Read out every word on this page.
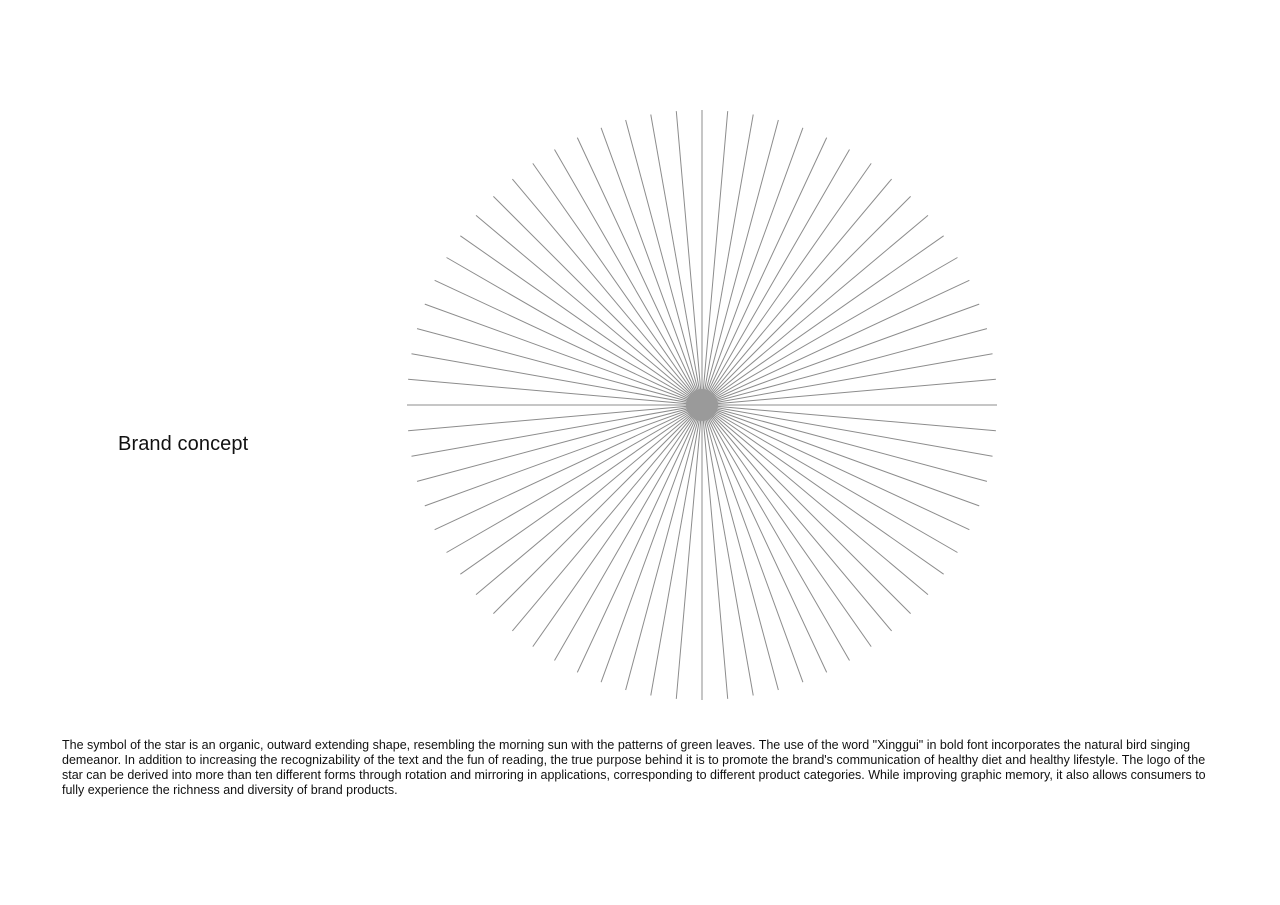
Brand concept

The symbol of the star is an organic, outward extending shape, resembling the morning sun with the patterns of green leaves. The use of the word "Xinggui" in bold font incorporates the natural bird singing demeanor. In addition to increasing the recognizability of the text and the fun of reading, the true purpose behind it is to promote the brand's communication of healthy diet and healthy lifestyle. The logo of the star can be derived into more than ten different forms through rotation and mirroring in applications, corresponding to different product categories. While improving graphic memory, it also allows consumers to fully experience the richness and diversity of brand products.
